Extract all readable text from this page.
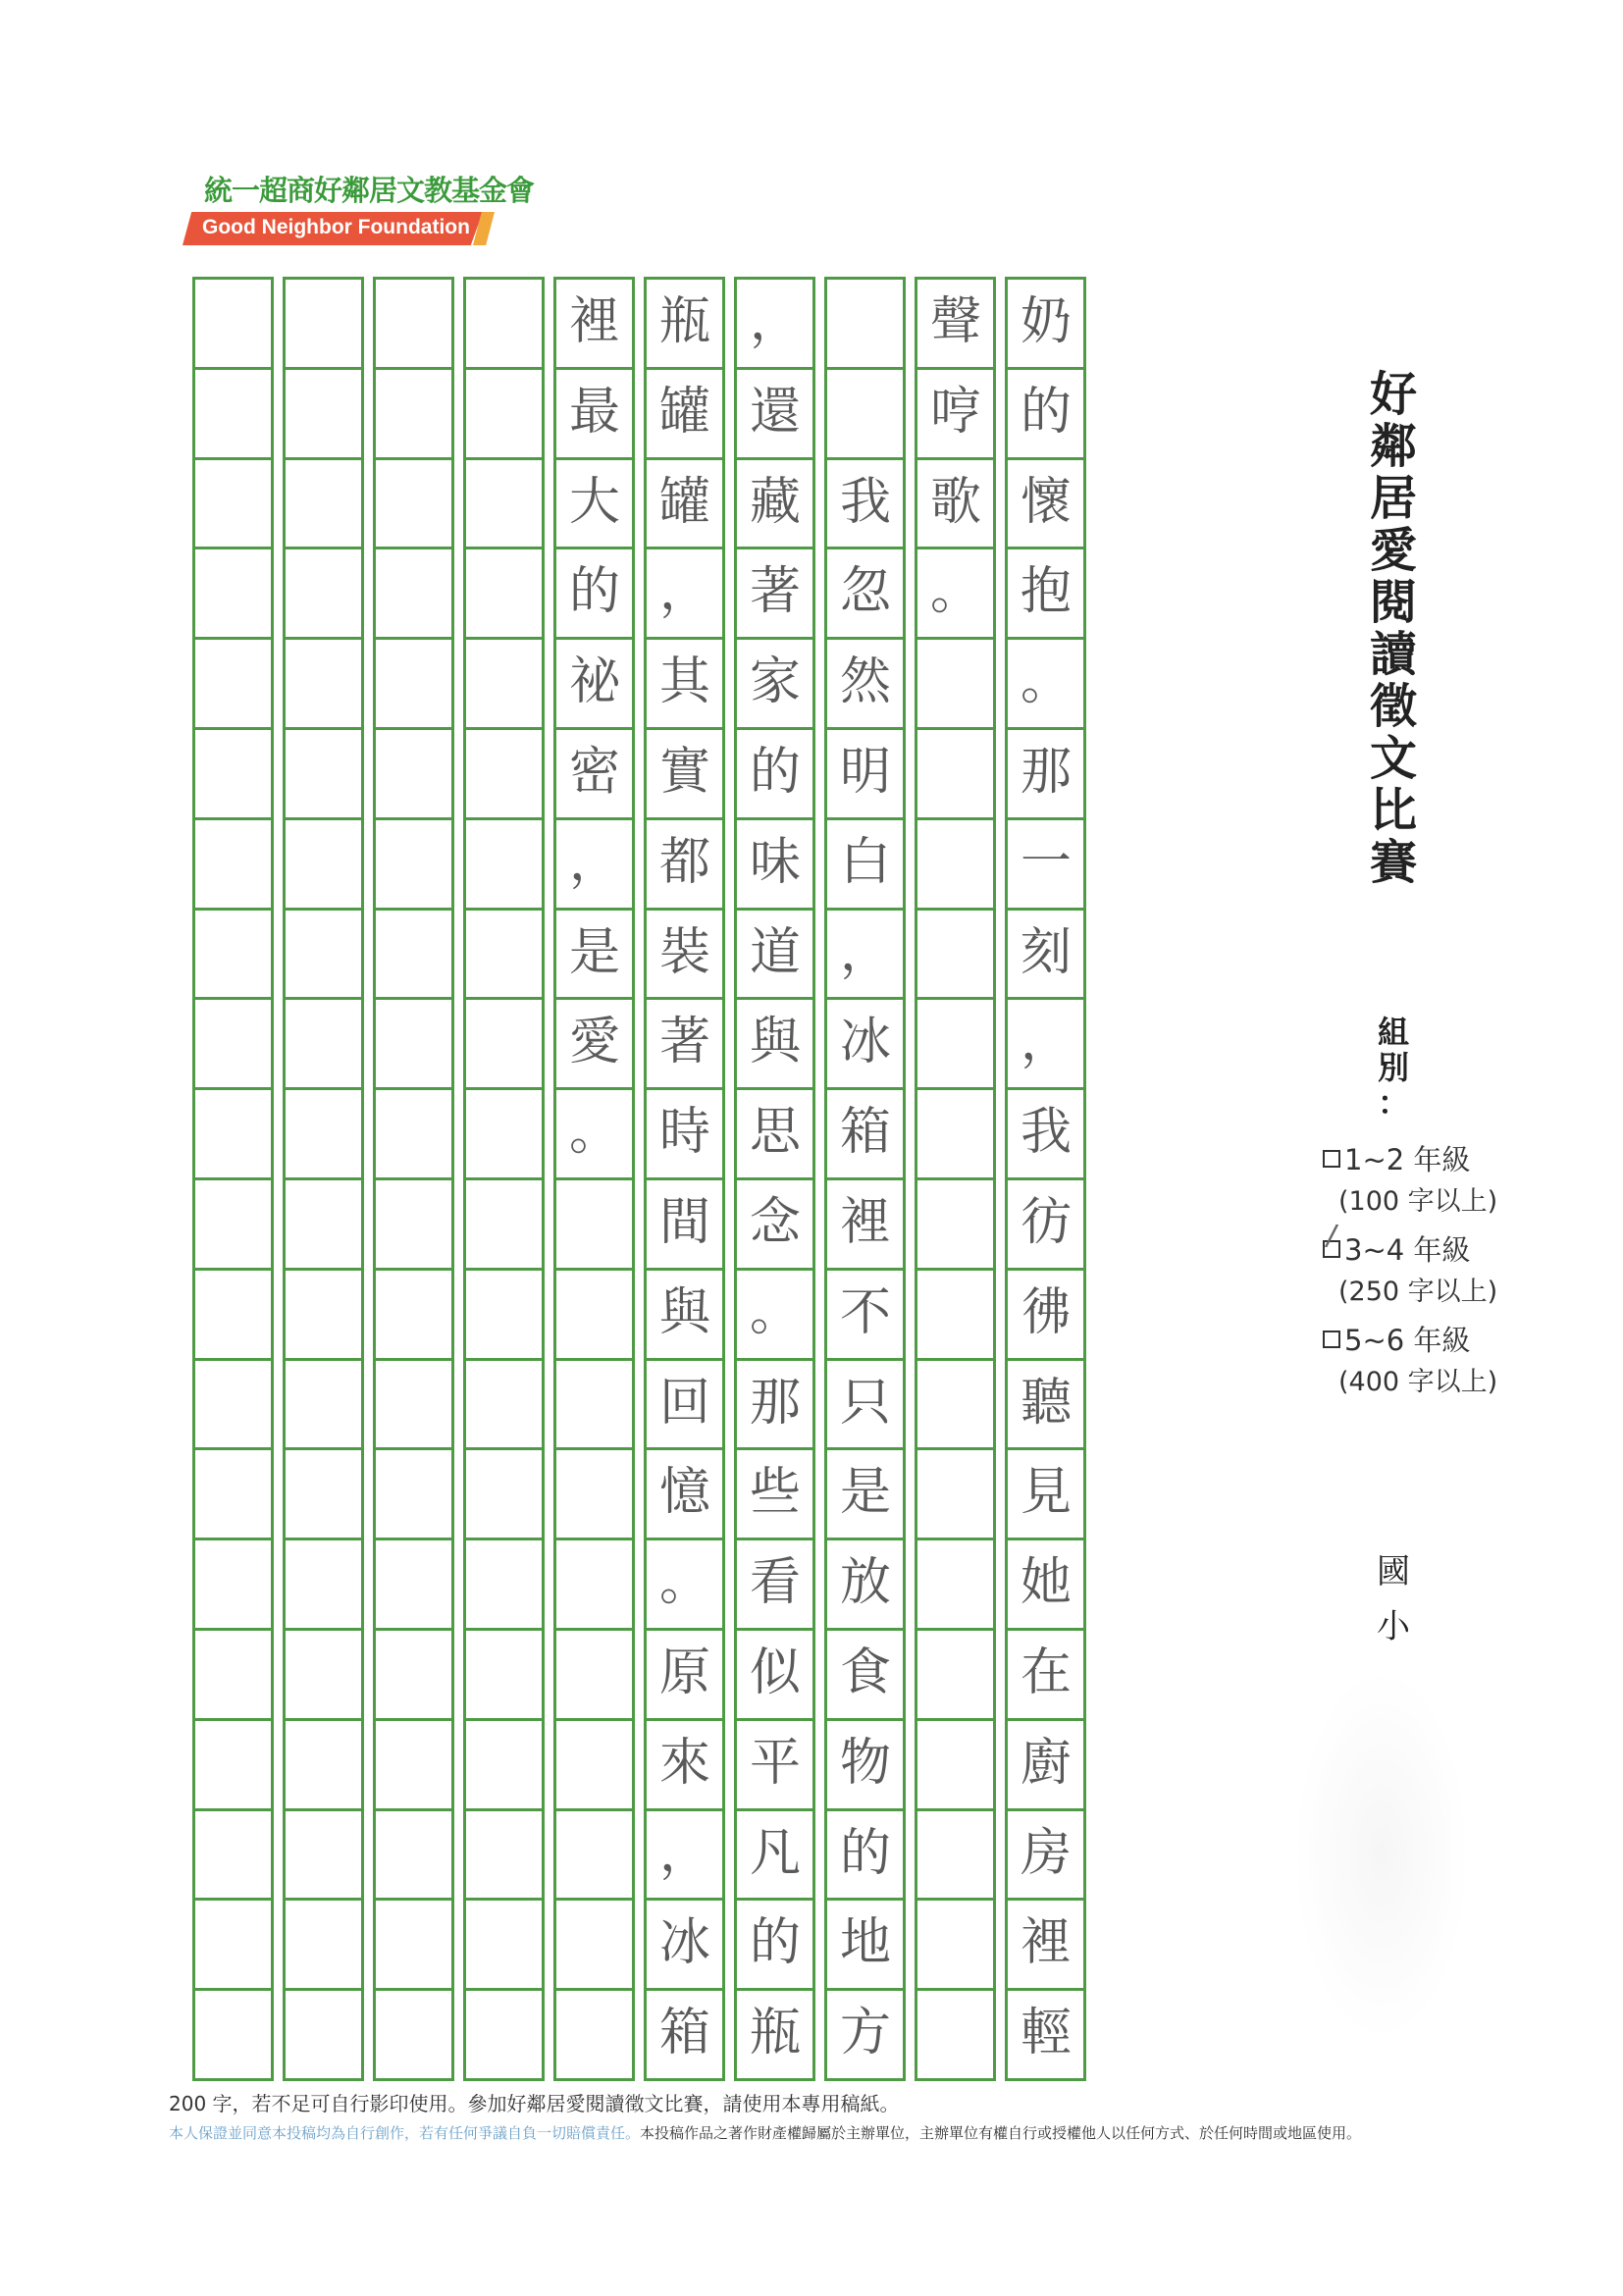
統一超商好鄰居文教基金會
Good Neighbor Foundation
奶
的
懷
抱
。
那
一
刻
，
我
彷
彿
聽
見
她
在
廚
房
裡
輕
聲
哼
歌
。

我
忽
然
明
白
，
冰
箱
裡
不
只
是
放
食
物
的
地
方
，
還
藏
著
家
的
味
道
與
思
念
。
那
些
看
似
平
凡
的
瓶
瓶
罐
罐
，
其
實
都
裝
著
時
間
與
回
憶
。
原
來
，
冰
箱
裡
最
大
的
祕
密
，
是
愛
。
好
鄰
居
愛
閱
讀
徵
文
比
賽
組
別
：
1~2 年級
(100 字以上)
3~4 年級
(250 字以上)
5~6 年級
(400 字以上)
/
國
小
200 字，若不足可自行影印使用。參加好鄰居愛閱讀徵文比賽，請使用本專用稿紙。
本人保證並同意本投稿均為自行創作，若有任何爭議自負一切賠償責任。本投稿作品之著作財產權歸屬於主辦單位，主辦單位有權自行或授權他人以任何方式、於任何時間或地區使用。
